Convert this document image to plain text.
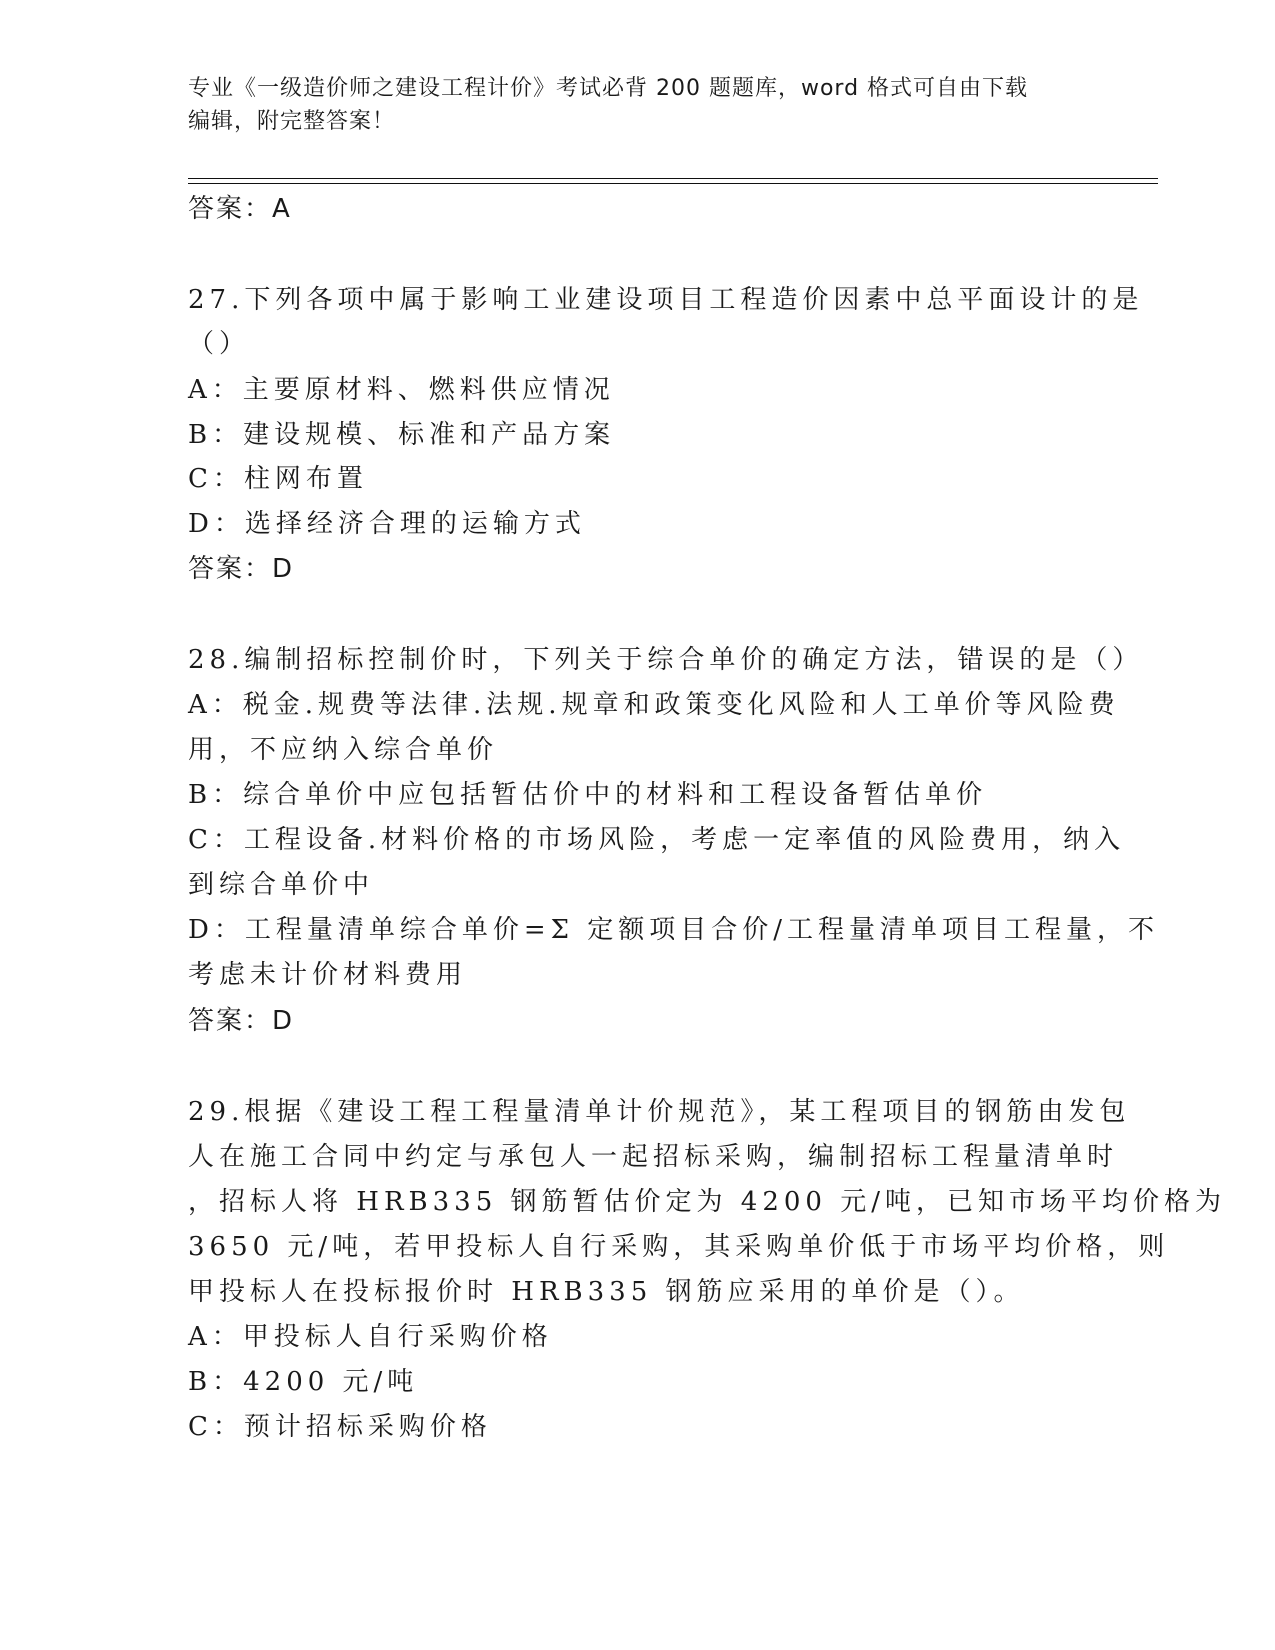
专业《一级造价师之建设工程计价》考试必背 200 题题库，word 格式可自由下载
编辑，附完整答案！
答案：A
27.下列各项中属于影响工业建设项目工程造价因素中总平面设计的是
（）
A：主要原材料、燃料供应情况
B：建设规模、标准和产品方案
C：柱网布置
D：选择经济合理的运输方式
答案：D
28.编制招标控制价时，下列关于综合单价的确定方法，错误的是（）
A：税金.规费等法律.法规.规章和政策变化风险和人工单价等风险费
用，不应纳入综合单价
B：综合单价中应包括暂估价中的材料和工程设备暂估单价
C：工程设备.材料价格的市场风险，考虑一定率值的风险费用，纳入
到综合单价中
D：工程量清单综合单价=Σ 定额项目合价/工程量清单项目工程量，不
考虑未计价材料费用
答案：D
29.根据《建设工程工程量清单计价规范》，某工程项目的钢筋由发包
人在施工合同中约定与承包人一起招标采购，编制招标工程量清单时
，招标人将 HRB335 钢筋暂估价定为 4200 元/吨，已知市场平均价格为
3650 元/吨，若甲投标人自行采购，其采购单价低于市场平均价格，则
甲投标人在投标报价时 HRB335 钢筋应采用的单价是（）。
A：甲投标人自行采购价格
B：4200 元/吨
C：预计招标采购价格
